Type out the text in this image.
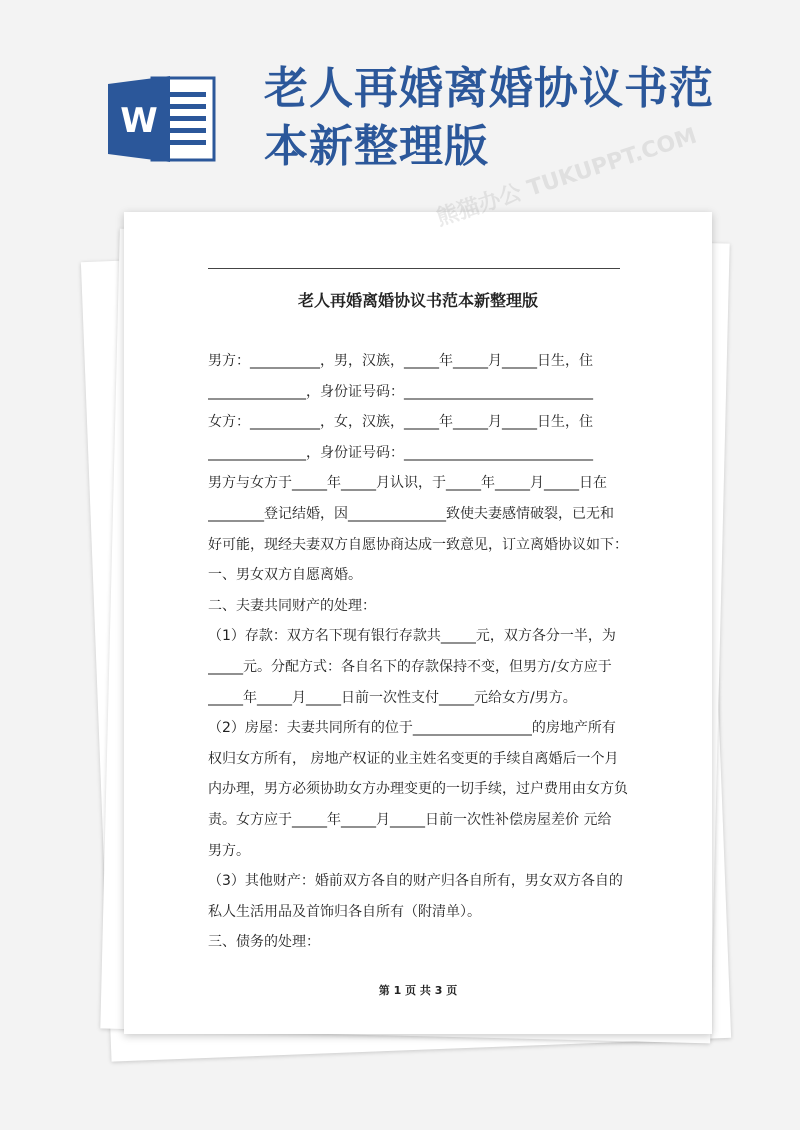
W
老人再婚离婚协议书范
本新整理版
老人再婚离婚协议书范本新整理版
男方：__________，男，汉族，_____年_____月_____日生，住
______________，身份证号码：___________________________
女方：__________，女，汉族，_____年_____月_____日生，住
______________，身份证号码：___________________________
男方与女方于_____年_____月认识，于_____年_____月_____日在
________登记结婚，因______________致使夫妻感情破裂，已无和
好可能，现经夫妻双方自愿协商达成一致意见，订立离婚协议如下：
一、男女双方自愿离婚。
二、夫妻共同财产的处理：
（1）存款：双方名下现有银行存款共_____元，双方各分一半，为
_____元。分配方式：各自名下的存款保持不变，但男方/女方应于
_____年_____月_____日前一次性支付_____元给女方/男方。
（2）房屋：夫妻共同所有的位于_________________的房地产所有
权归女方所有， 房地产权证的业主姓名变更的手续自离婚后一个月
内办理，男方必须协助女方办理变更的一切手续，过户费用由女方负
责。女方应于_____年_____月_____日前一次性补偿房屋差价 元给
男方。
（3）其他财产：婚前双方各自的财产归各自所有，男女双方各自的
私人生活用品及首饰归各自所有（附清单）。
三、债务的处理：
第 1 页 共 3 页
熊猫办公 TUKUPPT.COM
